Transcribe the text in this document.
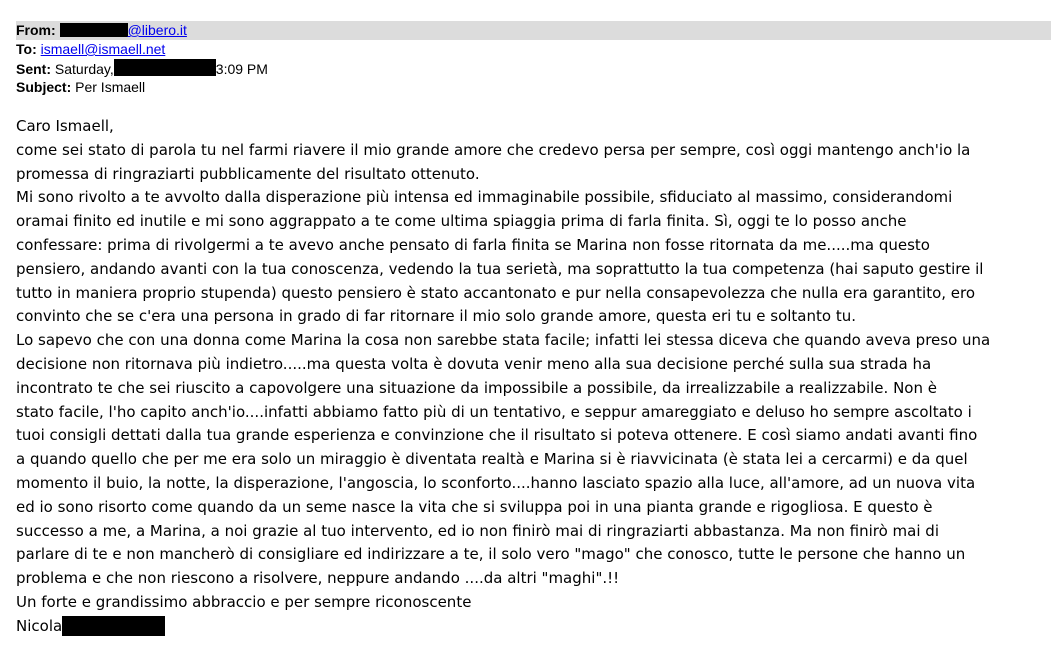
From:	@libero.it
To: ismaell@ismaell.net
Sent: Saturday,	3:09 PM
Subject: Per Ismaell
Caro Ismaell,
come sei stato di parola tu nel farmi riavere il mio grande amore che credevo persa per sempre, così oggi mantengo anch'io la
promessa di ringraziarti pubblicamente del risultato ottenuto.
Mi sono rivolto a te avvolto dalla disperazione più intensa ed immaginabile possibile, sfiduciato al massimo, considerandomi
oramai finito ed inutile e mi sono aggrappato a te come ultima spiaggia prima di farla finita. Sì, oggi te lo posso anche
confessare: prima di rivolgermi a te avevo anche pensato di farla finita se Marina non fosse ritornata da me.....ma questo
pensiero, andando avanti con la tua conoscenza, vedendo la tua serietà, ma soprattutto la tua competenza (hai saputo gestire il
tutto in maniera proprio stupenda) questo pensiero è stato accantonato e pur nella consapevolezza che nulla era garantito, ero
convinto che se c'era una persona in grado di far ritornare il mio solo grande amore, questa eri tu e soltanto tu.
Lo sapevo che con una donna come Marina la cosa non sarebbe stata facile; infatti lei stessa diceva che quando aveva preso una
decisione non ritornava più indietro.....ma questa volta è dovuta venir meno alla sua decisione perché sulla sua strada ha
incontrato te che sei riuscito a capovolgere una situazione da impossibile a possibile, da irrealizzabile a realizzabile. Non è
stato facile, l'ho capito anch'io....infatti abbiamo fatto più di un tentativo, e seppur amareggiato e deluso ho sempre ascoltato i
tuoi consigli dettati dalla tua grande esperienza e convinzione che il risultato si poteva ottenere. E così siamo andati avanti fino
a quando quello che per me era solo un miraggio è diventata realtà e Marina si è riavvicinata (è stata lei a cercarmi) e da quel
momento il buio, la notte, la disperazione, l'angoscia, lo sconforto....hanno lasciato spazio alla luce, all'amore, ad un nuova vita
ed io sono risorto come quando da un seme nasce la vita che si sviluppa poi in una pianta grande e rigogliosa. E questo è
successo a me, a Marina, a noi grazie al tuo intervento, ed io non finirò mai di ringraziarti abbastanza. Ma non finirò mai di
parlare di te e non mancherò di consigliare ed indirizzare a te, il solo vero "mago" che conosco, tutte le persone che hanno un
problema e che non riescono a risolvere, neppure andando ....da altri "maghi".!!
Un forte e grandissimo abbraccio e per sempre riconoscente
Nicola
